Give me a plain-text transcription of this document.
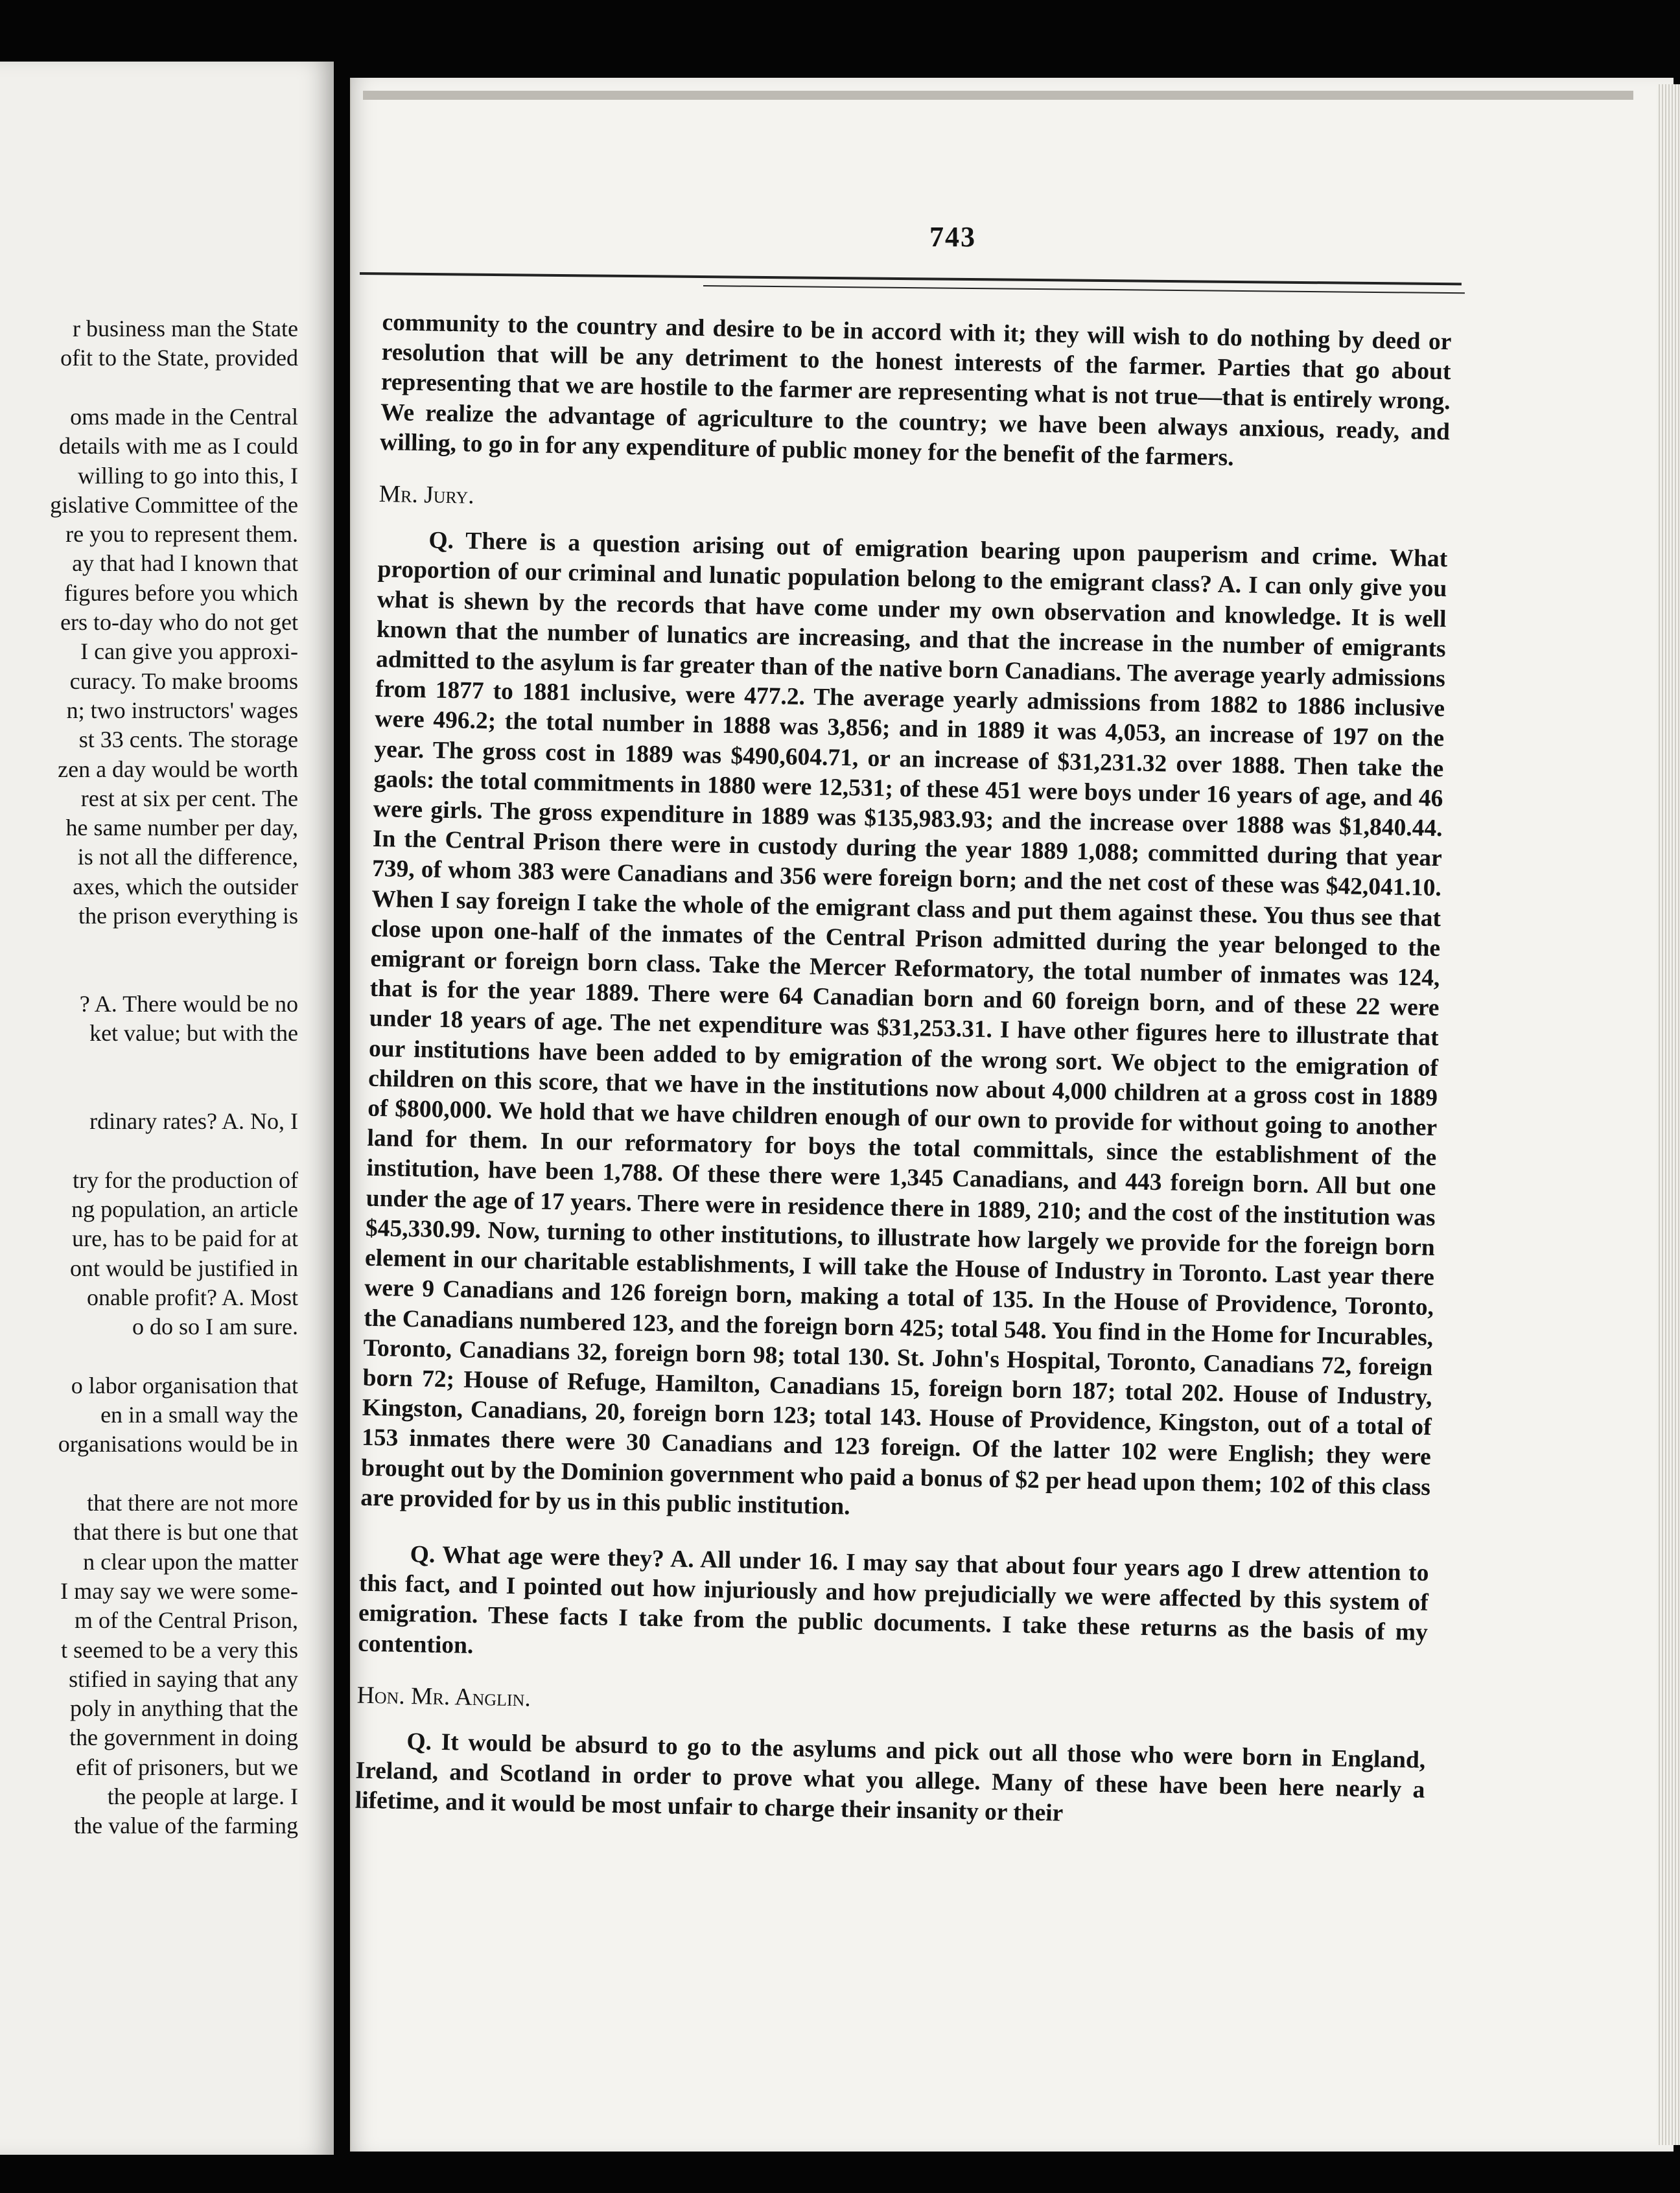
r business man the State
ofit to the State, provided
oms made in the Central
details with me as I could
willing to go into this, I
gislative Committee of the
re you to represent them.
ay that had I known that
figures before you which
ers to-day who do not get
I can give you approxi-
curacy. To make brooms
n; two instructors' wages
st 33 cents. The storage
zen a day would be worth
rest at six per cent. The
he same number per day,
is not all the difference,
axes, which the outsider
the prison everything is
? A. There would be no
ket value; but with the
rdinary rates? A. No, I
try for the production of
ng population, an article
ure, has to be paid for at
ont would be justified in
onable profit? A. Most
o do so I am sure.
o labor organisation that
en in a small way the
organisations would be in
that there are not more
that there is but one that
n clear upon the matter
I may say we were some-
m of the Central Prison,
t seemed to be a very this
stified in saying that any
poly in anything that the
the government in doing
efit of prisoners, but we
the people at large. I
the value of the farming
743

community to the country and desire to be in accord with it; they will wish to do nothing by deed or resolution that will be any detriment to the honest interests of the farmer. Parties that go about representing that we are hostile to the farmer are representing what is not true—that is entirely wrong. We realize the advantage of agriculture to the country; we have been always anxious, ready, and willing, to go in for any expenditure of public money for the benefit of the farmers.

Mr. Jury.

Q. There is a question arising out of emigration bearing upon pauperism and crime. What proportion of our criminal and lunatic population belong to the emigrant class? A. I can only give you what is shewn by the records that have come under my own observation and knowledge. It is well known that the number of lunatics are increasing, and that the increase in the number of emigrants admitted to the asylum is far greater than of the native born Canadians. The average yearly admissions from 1877 to 1881 inclusive, were 477.2. The average yearly admissions from 1882 to 1886 inclusive were 496.2; the total number in 1888 was 3,856; and in 1889 it was 4,053, an increase of 197 on the year. The gross cost in 1889 was $490,604.71, or an increase of $31,231.32 over 1888. Then take the gaols: the total commitments in 1880 were 12,531; of these 451 were boys under 16 years of age, and 46 were girls. The gross expenditure in 1889 was $135,983.93; and the increase over 1888 was $1,840.44. In the Central Prison there were in custody during the year 1889 1,088; committed during that year 739, of whom 383 were Canadians and 356 were foreign born; and the net cost of these was $42,041.10. When I say foreign I take the whole of the emigrant class and put them against these. You thus see that close upon one-half of the inmates of the Central Prison admitted during the year belonged to the emigrant or foreign born class. Take the Mercer Reformatory, the total number of inmates was 124, that is for the year 1889. There were 64 Canadian born and 60 foreign born, and of these 22 were under 18 years of age. The net expenditure was $31,253.31. I have other figures here to illustrate that our institutions have been added to by emigration of the wrong sort. We object to the emigration of children on this score, that we have in the institutions now about 4,000 children at a gross cost in 1889 of $800,000. We hold that we have children enough of our own to provide for without going to another land for them. In our reformatory for boys the total committals, since the establishment of the institution, have been 1,788. Of these there were 1,345 Canadians, and 443 foreign born. All but one under the age of 17 years. There were in residence there in 1889, 210; and the cost of the institution was $45,330.99. Now, turning to other institutions, to illustrate how largely we provide for the foreign born element in our charitable establishments, I will take the House of Industry in Toronto. Last year there were 9 Canadians and 126 foreign born, making a total of 135. In the House of Providence, Toronto, the Canadians numbered 123, and the foreign born 425; total 548. You find in the Home for Incurables, Toronto, Canadians 32, foreign born 98; total 130. St. John's Hospital, Toronto, Canadians 72, foreign born 72; House of Refuge, Hamilton, Canadians 15, foreign born 187; total 202. House of Industry, Kingston, Canadians, 20, foreign born 123; total 143. House of Providence, Kingston, out of a total of 153 inmates there were 30 Canadians and 123 foreign. Of the latter 102 were English; they were brought out by the Dominion government who paid a bonus of $2 per head upon them; 102 of this class are provided for by us in this public institution.

Q. What age were they? A. All under 16. I may say that about four years ago I drew attention to this fact, and I pointed out how injuriously and how prejudicially we were affected by this system of emigration. These facts I take from the public documents. I take these returns as the basis of my contention.

Hon. Mr. Anglin.

Q. It would be absurd to go to the asylums and pick out all those who were born in England, Ireland, and Scotland in order to prove what you allege. Many of these have been here nearly a lifetime, and it would be most unfair to charge their insanity or their
